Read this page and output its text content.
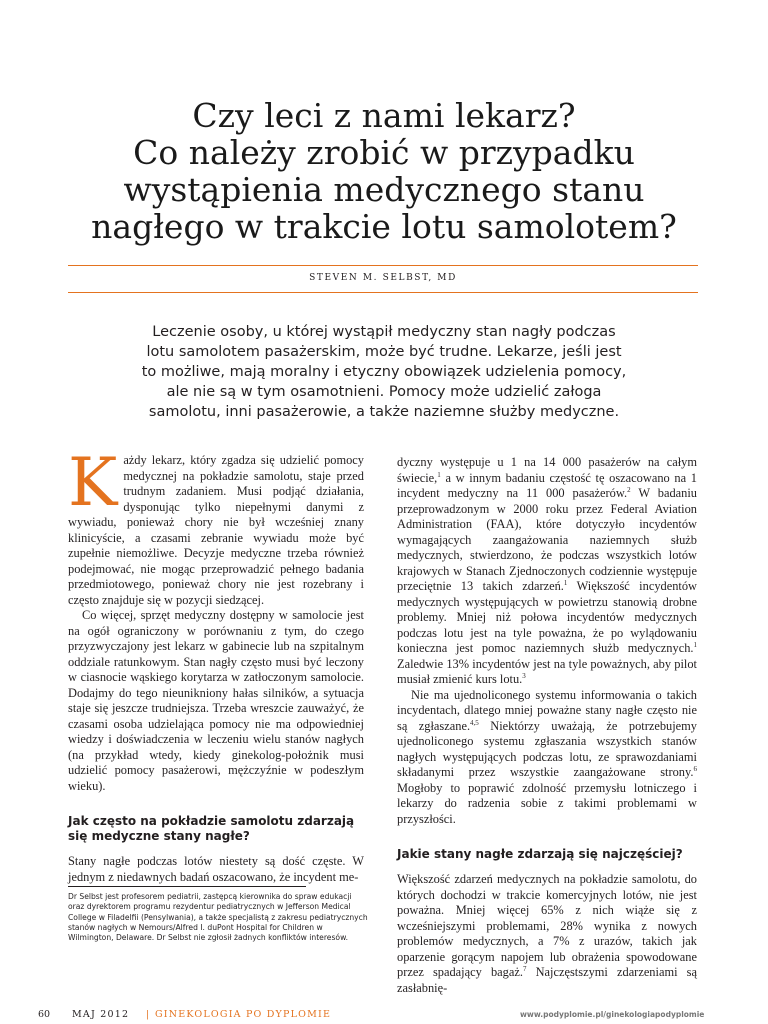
Czy leci z nami lekarz?
Co należy zrobić w przypadku
wystąpienia medycznego stanu
nagłego w trakcie lotu samolotem?
STEVEN M. SELBST, MD
Leczenie osoby, u której wystąpił medyczny stan nagły podczas
lotu samolotem pasażerskim, może być trudne. Lekarze, jeśli jest
to możliwe, mają moralny i etyczny obowiązek udzielenia pomocy,
ale nie są w tym osamotnieni. Pomocy może udzielić załoga
samolotu, inni pasażerowie, a także naziemne służby medyczne.

Każdy lekarz, który zgadza się udzielić pomocy medycznej na pokładzie samolotu, staje przed trudnym zadaniem. Musi podjąć działania, dysponując tylko niepełnymi danymi z wywiadu, ponieważ chory nie był wcześniej znany klinicyście, a czasami zebranie wywiadu może być zupełnie niemożliwe. Decyzje medyczne trzeba również podejmować, nie mogąc przeprowadzić pełnego badania przedmiotowego, ponieważ chory nie jest rozebrany i często znajduje się w pozycji siedzącej.

Co więcej, sprzęt medyczny dostępny w samolocie jest na ogół ograniczony w porównaniu z tym, do czego przyzwyczajony jest lekarz w gabinecie lub na szpitalnym oddziale ratunkowym. Stan nagły często musi być leczony w ciasnocie wąskiego korytarza w zatłoczonym samolocie. Dodajmy do tego nieunikniony hałas silników, a sytuacja staje się jeszcze trudniejsza. Trzeba wreszcie zauważyć, że czasami osoba udzielająca pomocy nie ma odpowiedniej wiedzy i doświadczenia w leczeniu wielu stanów nagłych (na przykład wtedy, kiedy ginekolog-położnik musi udzielić pomocy pasażerowi, mężczyźnie w podeszłym wieku).

Jak często na pokładzie samolotu zdarzają się medyczne stany nagłe?

Stany nagłe podczas lotów niestety są dość częste. W jednym z niedawnych badań oszacowano, że incydent me-

dyczny występuje u 1 na 14 000 pasażerów na całym świecie,$^1$ a w innym badaniu częstość tę oszacowano na 1 incydent medyczny na 11 000 pasażerów.$^2$ W badaniu przeprowadzonym w 2000 roku przez Federal Aviation Administration (FAA), które dotyczyło incydentów wymagających zaangażowania naziemnych służb medycznych, stwierdzono, że podczas wszystkich lotów krajowych w Stanach Zjednoczonych codziennie występuje przeciętnie 13 takich zdarzeń.$^1$ Większość incydentów medycznych występujących w powietrzu stanowią drobne problemy. Mniej niż połowa incydentów medycznych podczas lotu jest na tyle poważna, że po wylądowaniu konieczna jest pomoc naziemnych służb medycznych.$^1$ Zaledwie 13% incydentów jest na tyle poważnych, aby pilot musiał zmienić kurs lotu.$^3$

Nie ma ujednoliconego systemu informowania o takich incydentach, dlatego mniej poważne stany nagłe często nie są zgłaszane.$^{4,5}$ Niektórzy uważają, że potrzebujemy ujednoliconego systemu zgłaszania wszystkich stanów nagłych występujących podczas lotu, ze sprawozdaniami składanymi przez wszystkie zaangażowane strony.$^6$ Mogłoby to poprawić zdolność przemysłu lotniczego i lekarzy do radzenia sobie z takimi problemami w przyszłości.

Jakie stany nagłe zdarzają się najczęściej?

Większość zdarzeń medycznych na pokładzie samolotu, do których dochodzi w trakcie komercyjnych lotów, nie jest poważna. Mniej więcej 65% z nich wiąże się z wcześniejszymi problemami, 28% wynika z nowych problemów medycznych, a 7% z urazów, takich jak oparzenie gorącym napojem lub obrażenia spowodowane przez spadający bagaż.$^7$ Najczęstszymi zdarzeniami są zasłabnię-

Dr Selbst jest profesorem pediatrii, zastępcą kierownika do spraw edukacji oraz dyrektorem programu rezydentur pediatrycznych w Jefferson Medical College w Filadelfii (Pensylwania), a także specjalistą z zakresu pediatrycznych stanów nagłych w Nemours/Alfred I. duPont Hospital for Children w Wilmington, Delaware. Dr Selbst nie zgłosił żadnych konfliktów interesów.
60 MAJ 2012 | GINEKOLOGIA PO DYPLOMIE	www.podyplomie.pl/ginekologiapodyplomie
